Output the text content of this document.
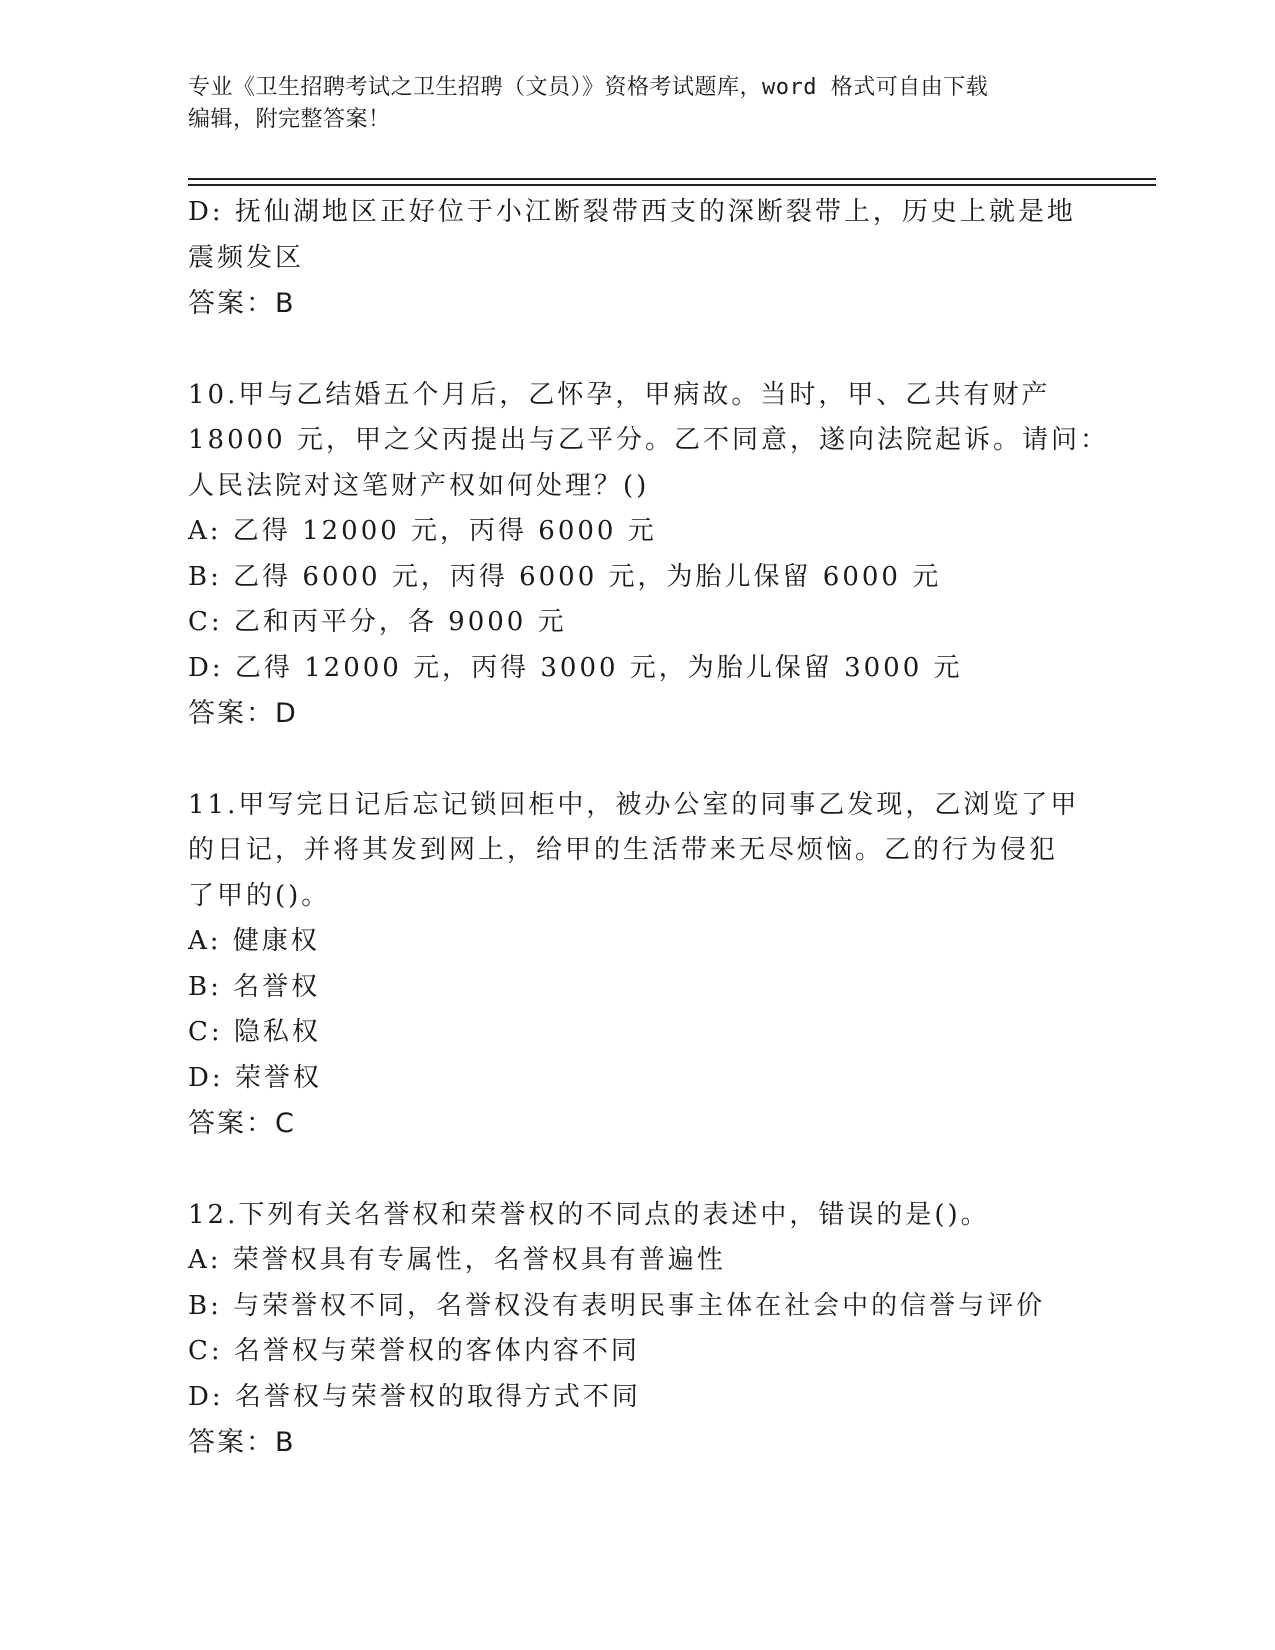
专业《卫生招聘考试之卫生招聘（文员）》资格考试题库，word 格式可自由下载
编辑，附完整答案！
D: 抚仙湖地区正好位于小江断裂带西支的深断裂带上，历史上就是地
震频发区
答案：B
10.甲与乙结婚五个月后，乙怀孕，甲病故。当时，甲、乙共有财产
18000 元，甲之父丙提出与乙平分。乙不同意，遂向法院起诉。请问：
人民法院对这笔财产权如何处理？()
A: 乙得 12000 元，丙得 6000 元
B: 乙得 6000 元，丙得 6000 元，为胎儿保留 6000 元
C: 乙和丙平分，各 9000 元
D: 乙得 12000 元，丙得 3000 元，为胎儿保留 3000 元
答案：D
11.甲写完日记后忘记锁回柜中，被办公室的同事乙发现，乙浏览了甲
的日记，并将其发到网上，给甲的生活带来无尽烦恼。乙的行为侵犯
了甲的()。
A: 健康权
B: 名誉权
C: 隐私权
D: 荣誉权
答案：C
12.下列有关名誉权和荣誉权的不同点的表述中，错误的是()。
A: 荣誉权具有专属性，名誉权具有普遍性
B: 与荣誉权不同，名誉权没有表明民事主体在社会中的信誉与评价
C: 名誉权与荣誉权的客体内容不同
D: 名誉权与荣誉权的取得方式不同
答案：B
